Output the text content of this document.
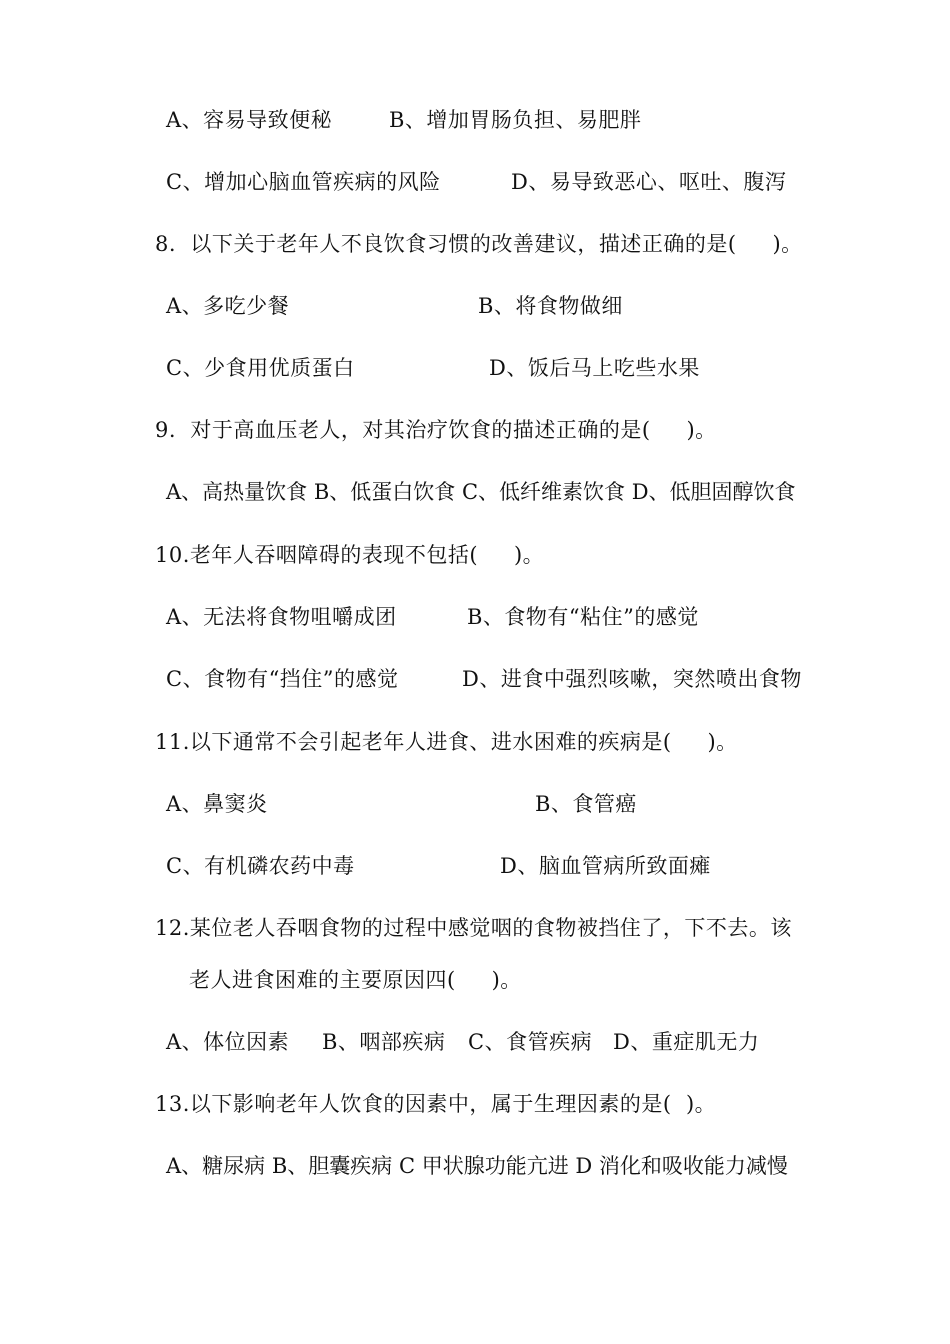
A、容易导致便秘	B、增加胃肠负担、易肥胖
C、增加心脑血管疾病的风险	D、易导致恶心、呕吐、腹泻
8.  以下关于老年人不良饮食习惯的改善建议，描述正确的是(     )。
A、多吃少餐	B、将食物做细
C、少食用优质蛋白	D、饭后马上吃些水果
9.  对于高血压老人，对其治疗饮食的描述正确的是(     )。
A、高热量饮食 B、低蛋白饮食 C、低纤维素饮食 D、低胆固醇饮食
10.老年人吞咽障碍的表现不包括(     )。
A、无法将食物咀嚼成团	B、食物有“粘住”的感觉
C、食物有“挡住”的感觉	D、进食中强烈咳嗽，突然喷出食物
11.以下通常不会引起老年人进食、进水困难的疾病是(     )。
A、鼻窦炎	B、食管癌
C、有机磷农药中毒	D、脑血管病所致面瘫
12.某位老人吞咽食物的过程中感觉咽的食物被挡住了，下不去。该
老人进食困难的主要原因四(     )。
A、体位因素 B、咽部疾病 C、食管疾病 D、重症肌无力
13.以下影响老年人饮食的因素中，属于生理因素的是(  )。
A、糖尿病 B、胆囊疾病 C 甲状腺功能亢进 D 消化和吸收能力减慢
